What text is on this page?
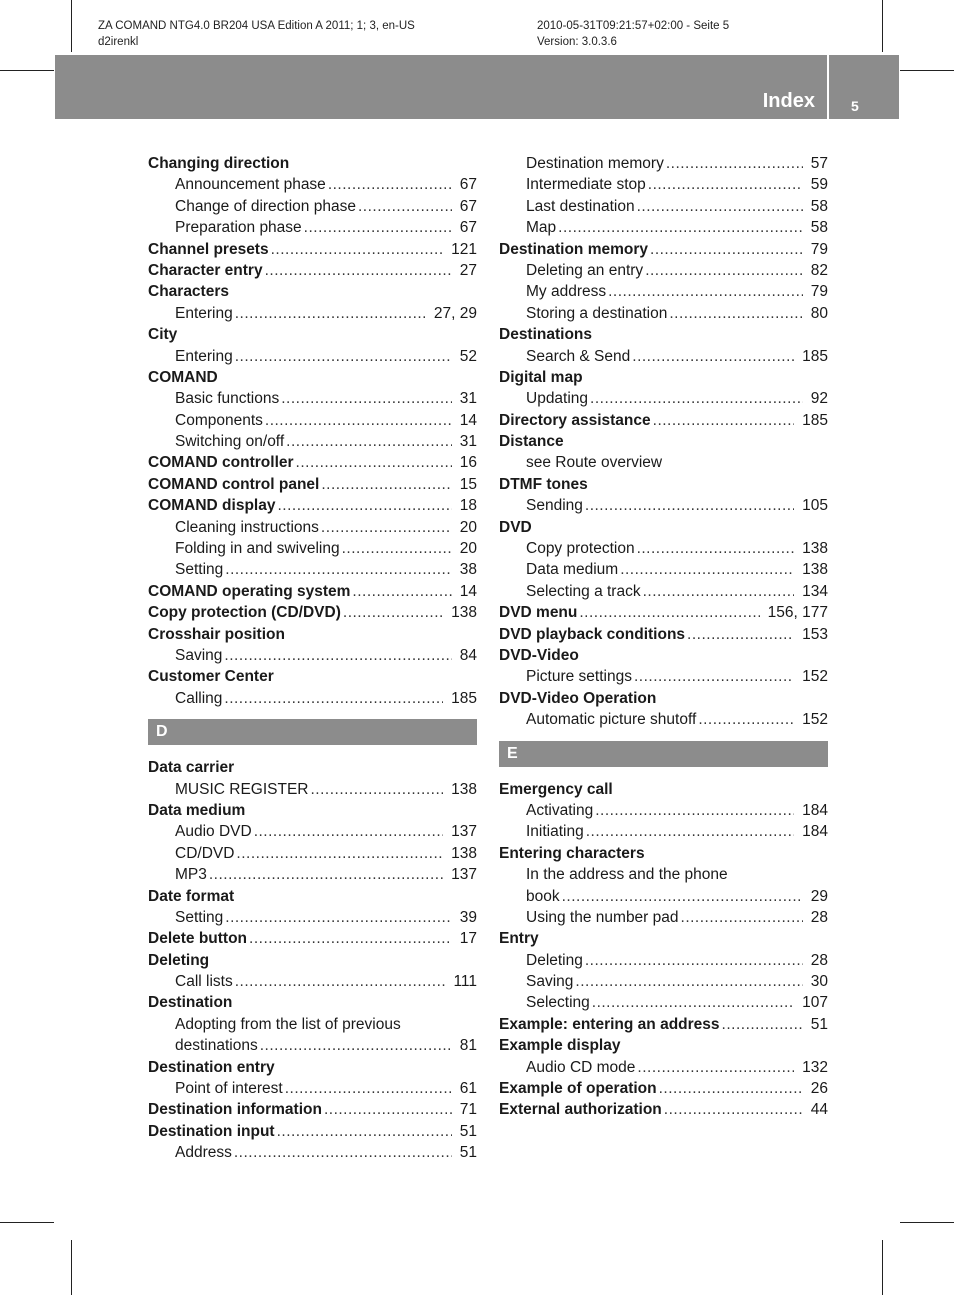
ZA COMAND NTG4.0 BR204 USA Edition A 2011; 1; 3, en-US
d2irenkl
2010-05-31T09:21:57+02:00 - Seite 5
Version: 3.0.3.6
Index	5
Changing direction
Announcement phase .....	67
Change of direction phase .....	67
Preparation phase .....	67
Channel presets .....	121
Character entry .....	27
Characters
Entering .....	27, 29
City
Entering .....	52
COMAND
Basic functions .....	31
Components .....	14
Switching on/off .....	31
COMAND controller .....	16
COMAND control panel .....	15
COMAND display .....	18
Cleaning instructions .....	20
Folding in and swiveling .....	20
Setting .....	38
COMAND operating system .....	14
Copy protection (CD/DVD) .....	138
Crosshair position
Saving .....	84
Customer Center
Calling .....	185
D
Data carrier
MUSIC REGISTER .....	138
Data medium
Audio DVD .....	137
CD/DVD .....	138
MP3 .....	137
Date format
Setting .....	39
Delete button .....	17
Deleting
Call lists .....	111
Destination
Adopting from the list of previous
destinations .....	81
Destination entry
Point of interest .....	61
Destination information .....	71
Destination input .....	51
Address .....	51
Destination memory .....	57
Intermediate stop .....	59
Last destination .....	58
Map .....	58
Destination memory .....	79
Deleting an entry .....	82
My address .....	79
Storing a destination .....	80
Destinations
Search & Send .....	185
Digital map
Updating .....	92
Directory assistance .....	185
Distance
see Route overview
DTMF tones
Sending .....	105
DVD
Copy protection .....	138
Data medium .....	138
Selecting a track .....	134
DVD menu .....	156, 177
DVD playback conditions .....	153
DVD-Video
Picture settings .....	152
DVD-Video Operation
Automatic picture shutoff .....	152
E
Emergency call
Activating .....	184
Initiating .....	184
Entering characters
In the address and the phone
book .....	29
Using the number pad .....	28
Entry
Deleting .....	28
Saving .....	30
Selecting .....	107
Example: entering an address .....	51
Example display
Audio CD mode .....	132
Example of operation .....	26
External authorization .....	44
